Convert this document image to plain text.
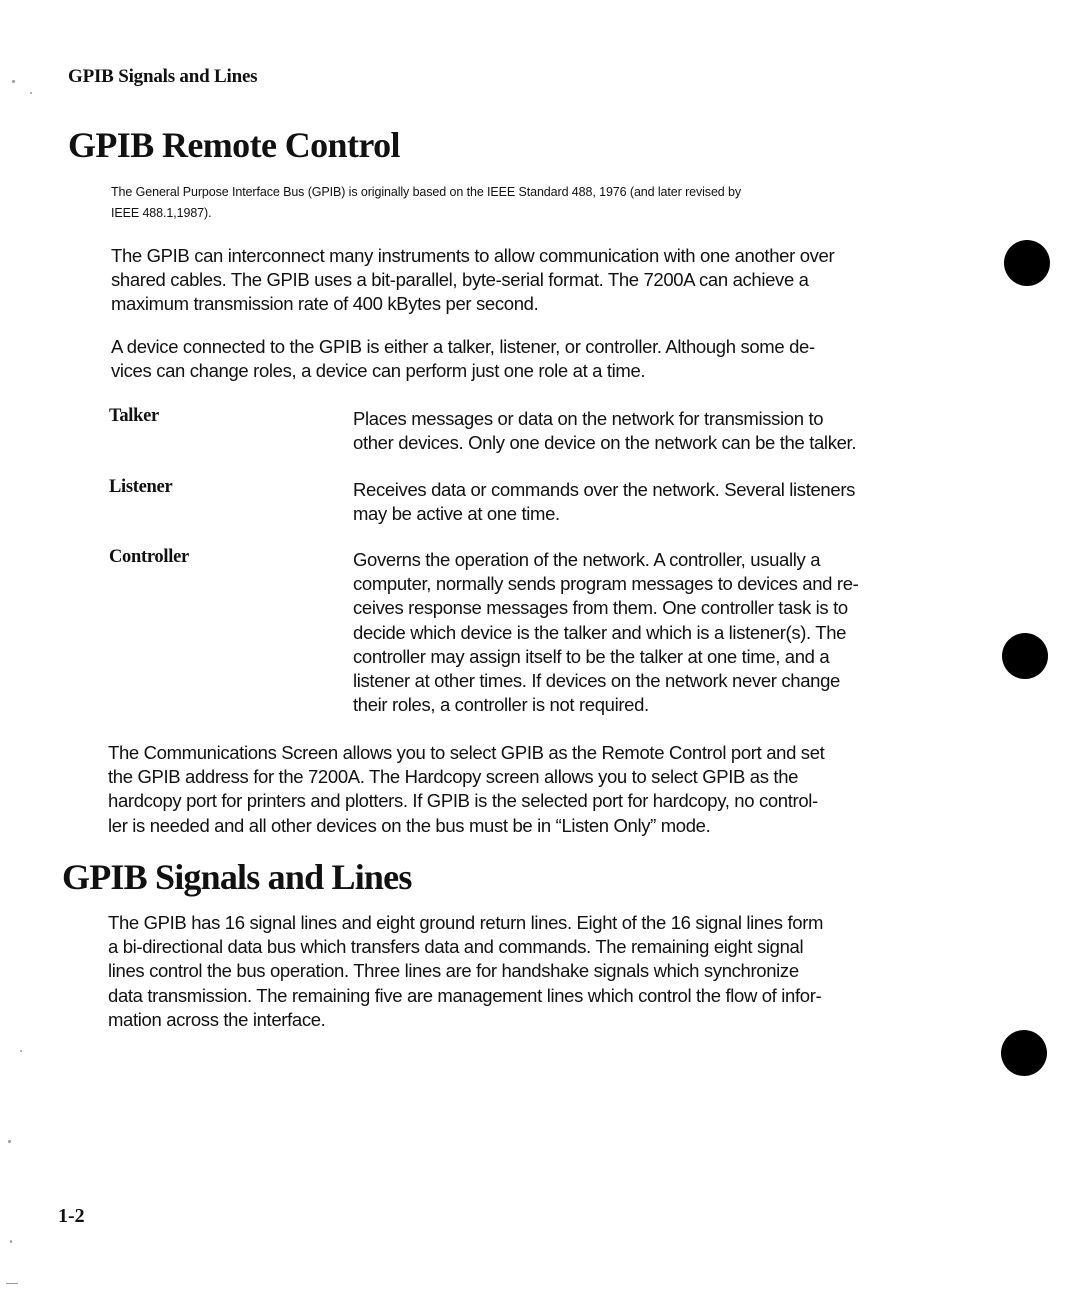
GPIB Signals and Lines
GPIB Remote Control

The General Purpose Interface Bus (GPIB) is originally based on the IEEE Standard 488, 1976 (and later revised by
IEEE 488.1,1987).

The GPIB can interconnect many instruments to allow communication with one another over
shared cables. The GPIB uses a bit-parallel, byte-serial format. The 7200A can achieve a
maximum transmission rate of 400 kBytes per second.

A device connected to the GPIB is either a talker, listener, or controller. Although some de-
vices can change roles, a device can perform just one role at a time.

Talker	Places messages or data on the network for transmission to
other devices. Only one device on the network can be the talker.

Listener	Receives data or commands over the network. Several listeners
may be active at one time.

Controller	Governs the operation of the network. A controller, usually a
computer, normally sends program messages to devices and re-
ceives response messages from them. One controller task is to
decide which device is the talker and which is a listener(s). The
controller may assign itself to be the talker at one time, and a
listener at other times. If devices on the network never change
their roles, a controller is not required.

The Communications Screen allows you to select GPIB as the Remote Control port and set
the GPIB address for the 7200A. The Hardcopy screen allows you to select GPIB as the
hardcopy port for printers and plotters. If GPIB is the selected port for hardcopy, no control-
ler is needed and all other devices on the bus must be in “Listen Only” mode.

GPIB Signals and Lines

The GPIB has 16 signal lines and eight ground return lines. Eight of the 16 signal lines form
a bi-directional data bus which transfers data and commands. The remaining eight signal
lines control the bus operation. Three lines are for handshake signals which synchronize
data transmission. The remaining five are management lines which control the flow of infor-
mation across the interface.

1-2
